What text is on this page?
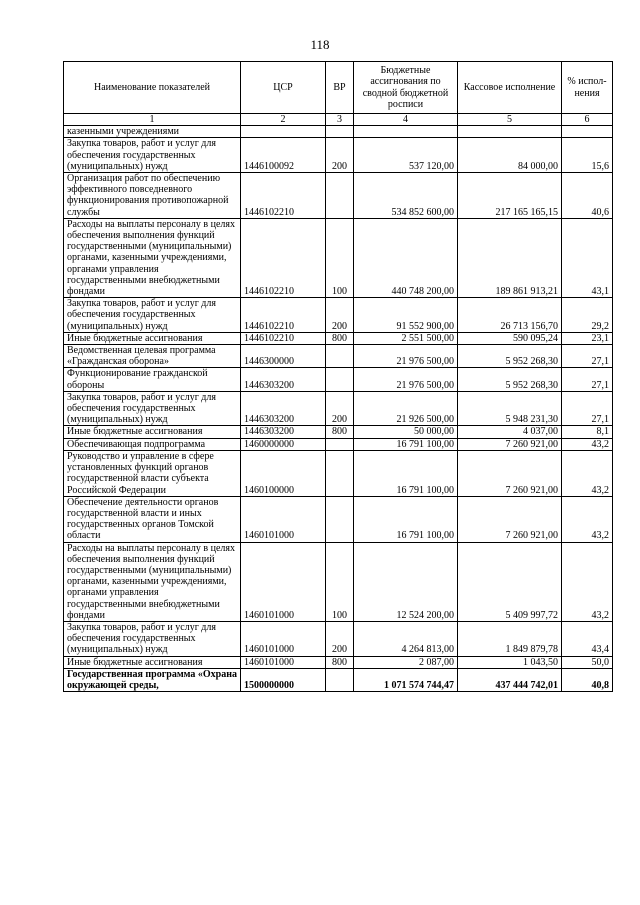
118
Наименование показателей	ЦСР	ВР	Бюджетные ассигнования по сводной бюджетной росписи	Кассовое исполнение	% испол-нения
1	2	3	4	5	6
казенными учреждениями					
Закупка товаров, работ и услуг для обеспечения государственных (муниципальных) нужд	1446100092	200	537 120,00	84 000,00	15,6
Организация работ по обеспечению эффективного повседневного функционирования противопожарной службы	1446102210		534 852 600,00	217 165 165,15	40,6
Расходы на выплаты персоналу в целях обеспечения выполнения функций государственными (муниципальными) органами, казенными учреждениями, органами управления государственными внебюджетными фондами	1446102210	100	440 748 200,00	189 861 913,21	43,1
Закупка товаров, работ и услуг для обеспечения государственных (муниципальных) нужд	1446102210	200	91 552 900,00	26 713 156,70	29,2
Иные бюджетные ассигнования	1446102210	800	2 551 500,00	590 095,24	23,1
Ведомственная целевая программа «Гражданская оборона»	1446300000		21 976 500,00	5 952 268,30	27,1
Функционирование гражданской обороны	1446303200		21 976 500,00	5 952 268,30	27,1
Закупка товаров, работ и услуг для обеспечения государственных (муниципальных) нужд	1446303200	200	21 926 500,00	5 948 231,30	27,1
Иные бюджетные ассигнования	1446303200	800	50 000,00	4 037,00	8,1
Обеспечивающая подпрограмма	1460000000		16 791 100,00	7 260 921,00	43,2
Руководство и управление в сфере установленных функций органов государственной власти субъекта Российской Федерации	1460100000		16 791 100,00	7 260 921,00	43,2
Обеспечение деятельности органов государственной власти и иных государственных органов Томской области	1460101000		16 791 100,00	7 260 921,00	43,2
Расходы на выплаты персоналу в целях обеспечения выполнения функций государственными (муниципальными) органами, казенными учреждениями, органами управления государственными внебюджетными фондами	1460101000	100	12 524 200,00	5 409 997,72	43,2
Закупка товаров, работ и услуг для обеспечения государственных (муниципальных) нужд	1460101000	200	4 264 813,00	1 849 879,78	43,4
Иные бюджетные ассигнования	1460101000	800	2 087,00	1 043,50	50,0
Государственная программа «Охрана окружающей среды,	1500000000		1 071 574 744,47	437 444 742,01	40,8
